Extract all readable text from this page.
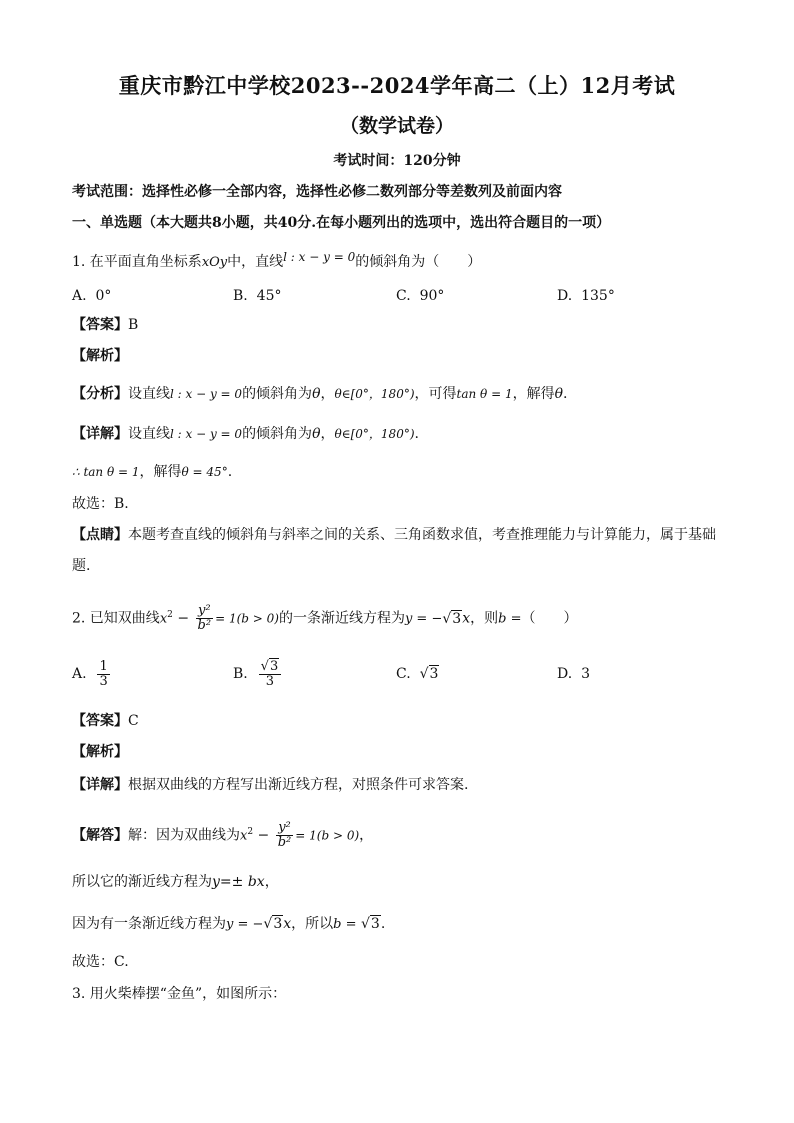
重庆市黔江中学校2023--2024学年高二（上）12月考试
（数学试卷）
考试时间：120分钟
考试范围：选择性必修一全部内容，选择性必修二数列部分等差数列及前面内容
一、单选题（本大题共8小题，共40分.在每小题列出的选项中，选出符合题目的一项）
1. 在平面直角坐标系xOy中，直线l : x − y = 0的倾斜角为（　　）
A. 0°	B. 45°	C. 90°	D. 135°
【答案】B
【解析】
【分析】设直线l : x − y = 0的倾斜角为θ，θ∈[0°，180°)，可得tan θ = 1，解得θ.
【详解】设直线l : x − y = 0的倾斜角为θ，θ∈[0°，180°).
∴ tan θ = 1，解得θ = 45°.
故选：B.
【点睛】本题考查直线的倾斜角与斜率之间的关系、三角函数求值，考查推理能力与计算能力，属于基础
题.
2. 已知双曲线$x^2 - \frac{\text{y²}}{\text{b²}} = 1(b > 0)$的一条渐近线方程为y = −√3x，则b =（　　）
A. $\frac{1}{3}$	B. $\frac{√3}{3}$	C. √3	D. 3
【答案】C
【解析】
【详解】根据双曲线的方程写出渐近线方程，对照条件可求答案.
【解答】解：因为双曲线为$x^2 - \frac{\text{y²}}{\text{b²}} = 1(b > 0)$，
所以它的渐近线方程为y=± bx，
因为有一条渐近线方程为y = −√3x，所以b = √3.
故选：C.
3. 用火柴棒摆“金鱼”，如图所示：
